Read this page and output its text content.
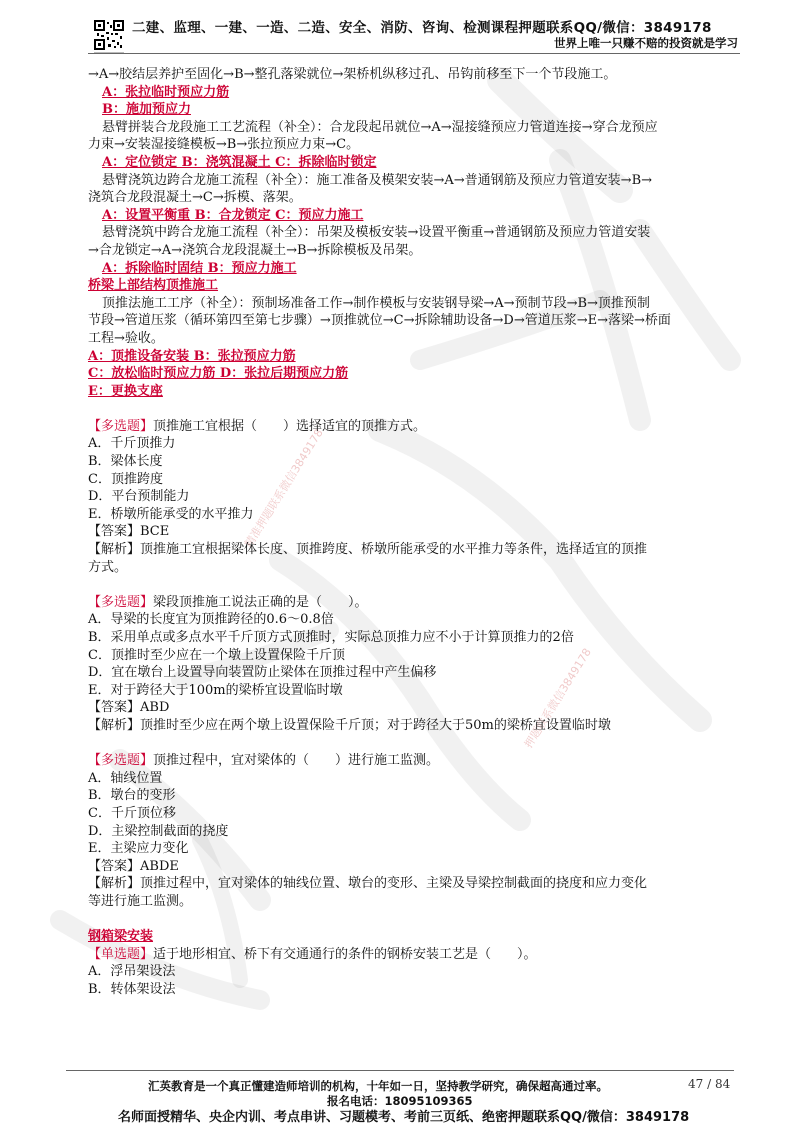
二建、监理、一建、一造、二造、安全、消防、咨询、检测课程押题联系QQ/微信：3849178
世界上唯一只赚不赔的投资就是学习
精准押题联系微信3849178
押题联系微信3849178

→A→胶结层养护至固化→B→整孔落梁就位→架桥机纵移过孔、吊钩前移至下一个节段施工。

A：张拉临时预应力筋

B：施加预应力

悬臂拼装合龙段施工工艺流程（补全）：合龙段起吊就位→A→湿接缝预应力管道连接→穿合龙预应

力束→安装湿接缝模板→B→张拉预应力束→C。

A：定位锁定 B：浇筑混凝土 C：拆除临时锁定

悬臂浇筑边跨合龙施工流程（补全）：施工准备及模架安装→A→普通钢筋及预应力管道安装→B→

浇筑合龙段混凝土→C→拆模、落架。

A：设置平衡重 B：合龙锁定 C：预应力施工

悬臂浇筑中跨合龙施工流程（补全）：吊架及模板安装→设置平衡重→普通钢筋及预应力管道安装

→合龙锁定→A→浇筑合龙段混凝土→B→拆除模板及吊架。

A：拆除临时固结 B：预应力施工

桥梁上部结构顶推施工

顶推法施工工序（补全）：预制场准备工作→制作模板与安装钢导梁→A→预制节段→B→顶推预制

节段→管道压浆（循环第四至第七步骤）→顶推就位→C→拆除辅助设备→D→管道压浆→E→落梁→桥面

工程→验收。

A：顶推设备安装 B：张拉预应力筋

C：放松临时预应力筋 D：张拉后期预应力筋

E：更换支座

【多选题】顶推施工宜根据（　　）选择适宜的顶推方式。

A．千斤顶推力

B．梁体长度

C．顶推跨度

D．平台预制能力

E．桥墩所能承受的水平推力

【答案】BCE

【解析】顶推施工宜根据梁体长度、顶推跨度、桥墩所能承受的水平推力等条件，选择适宜的顶推

方式。

【多选题】梁段顶推施工说法正确的是（　　）。

A．导梁的长度宜为顶推跨径的0.6～0.8倍

B．采用单点或多点水平千斤顶方式顶推时，实际总顶推力应不小于计算顶推力的2倍

C．顶推时至少应在一个墩上设置保险千斤顶

D．宜在墩台上设置导向装置防止梁体在顶推过程中产生偏移

E．对于跨径大于100m的梁桥宜设置临时墩

【答案】ABD

【解析】顶推时至少应在两个墩上设置保险千斤顶；对于跨径大于50m的梁桥宜设置临时墩

【多选题】顶推过程中，宜对梁体的（　　）进行施工监测。

A．轴线位置

B．墩台的变形

C．千斤顶位移

D．主梁控制截面的挠度

E．主梁应力变化

【答案】ABDE

【解析】顶推过程中，宜对梁体的轴线位置、墩台的变形、主梁及导梁控制截面的挠度和应力变化

等进行施工监测。

钢箱梁安装

【单选题】适于地形相宜、桥下有交通通行的条件的钢桥安装工艺是（　　）。

A．浮吊架设法

B．转体架设法

汇英教育是一个真正懂建造师培训的机构，十年如一日，坚持教学研究，确保超高通过率。	47 / 84
报名电话：18095109365
名师面授精华、央企内训、考点串讲、习题模考、考前三页纸、绝密押题联系QQ/微信：3849178
